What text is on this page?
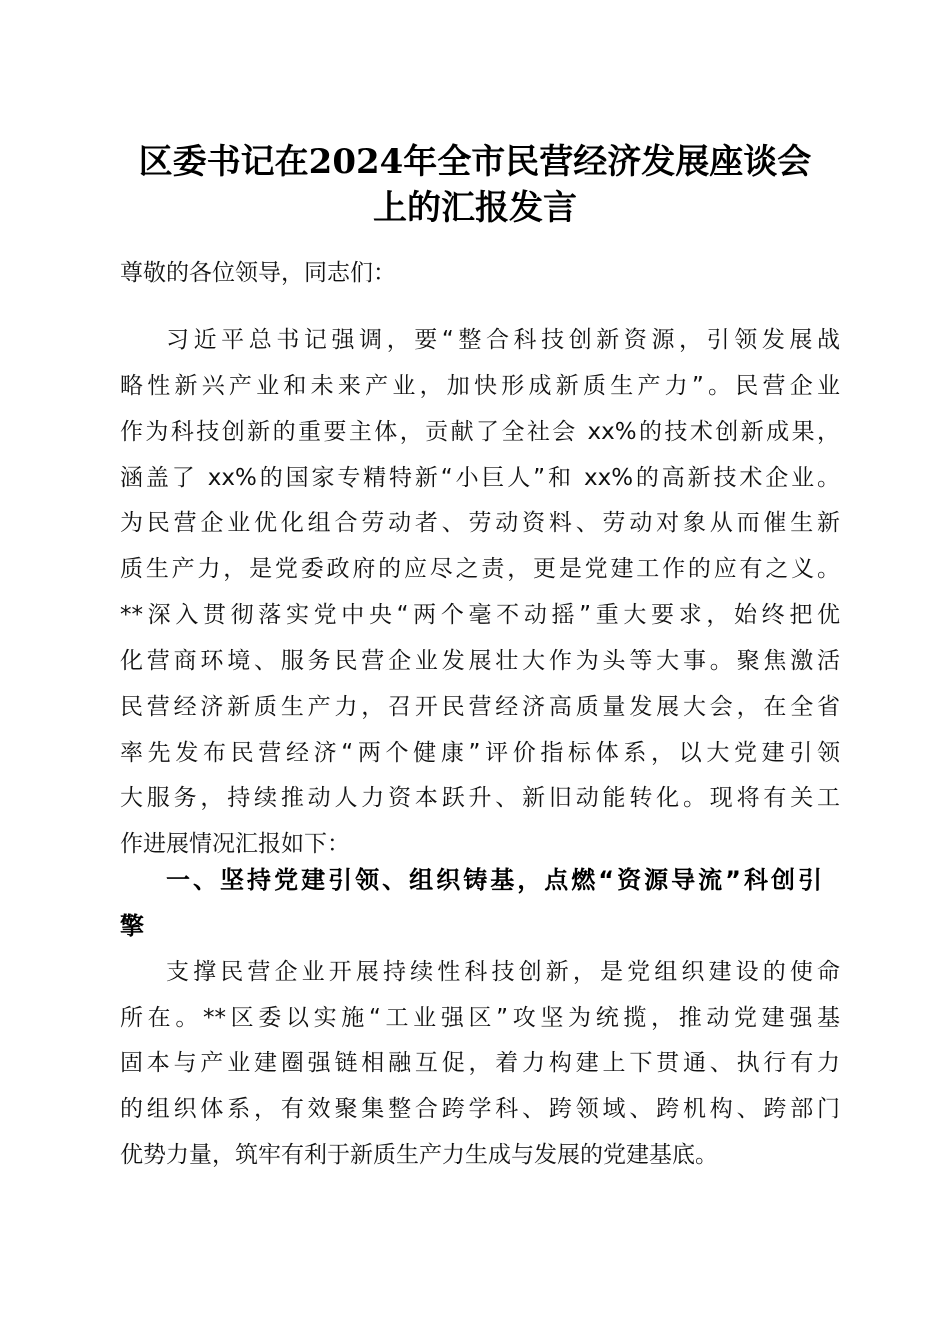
区委书记在2024年全市民营经济发展座谈会
上的汇报发言
尊敬的各位领导，同志们：
习近平总书记强调，要“整合科技创新资源，引领发展战
略性新兴产业和未来产业，加快形成新质生产力”。民营企业
作为科技创新的重要主体，贡献了全社会 xx%的技术创新成果，
涵盖了 xx%的国家专精特新“小巨人”和 xx%的高新技术企业。
为民营企业优化组合劳动者、劳动资料、劳动对象从而催生新
质生产力，是党委政府的应尽之责，更是党建工作的应有之义。
**深入贯彻落实党中央“两个毫不动摇”重大要求，始终把优
化营商环境、服务民营企业发展壮大作为头等大事。聚焦激活
民营经济新质生产力，召开民营经济高质量发展大会，在全省
率先发布民营经济“两个健康”评价指标体系，以大党建引领
大服务，持续推动人力资本跃升、新旧动能转化。现将有关工
作进展情况汇报如下：
一、坚持党建引领、组织铸基，点燃“资源导流”科创引
擎
支撑民营企业开展持续性科技创新，是党组织建设的使命
所在。**区委以实施“工业强区”攻坚为统揽，推动党建强基
固本与产业建圈强链相融互促，着力构建上下贯通、执行有力
的组织体系，有效聚集整合跨学科、跨领域、跨机构、跨部门
优势力量，筑牢有利于新质生产力生成与发展的党建基底。
